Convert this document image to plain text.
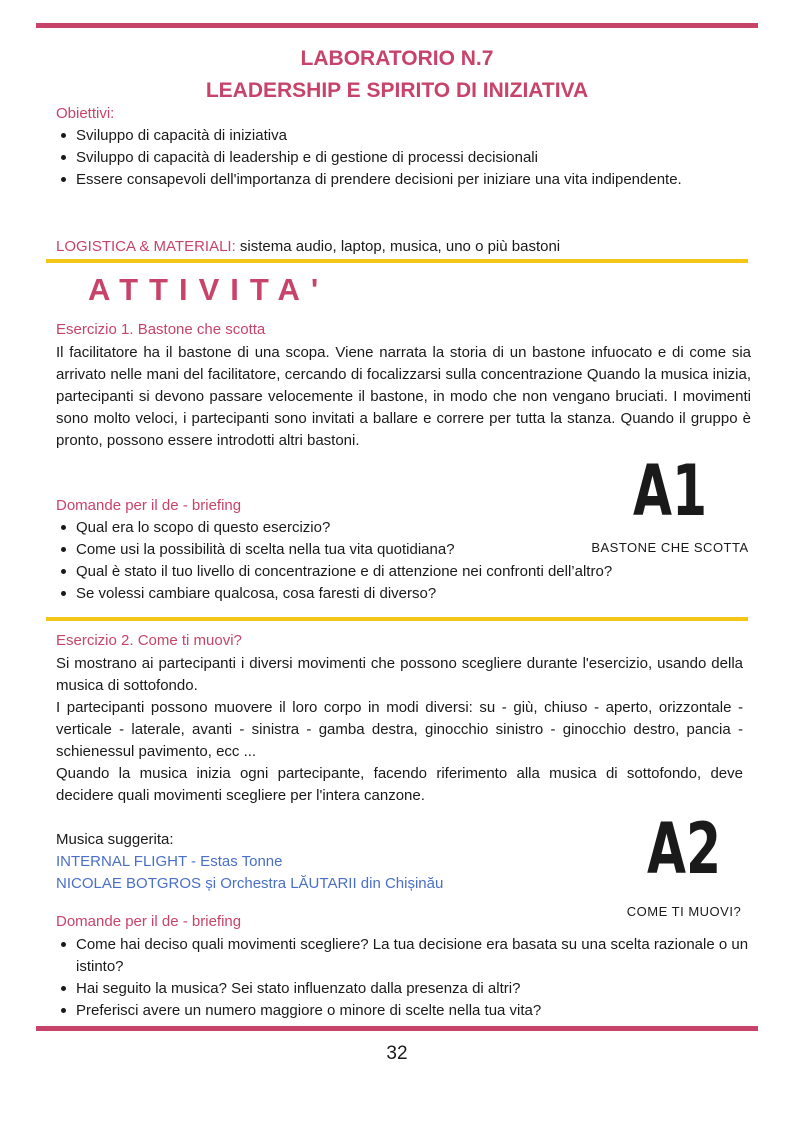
LABORATORIO N.7
LEADERSHIP E SPIRITO DI INIZIATIVA
Obiettivi:
Sviluppo di capacità di iniziativa
Sviluppo di capacità di leadership e di gestione di processi decisionali
Essere consapevoli dell'importanza di prendere decisioni per iniziare una vita indipendente.
LOGISTICA & MATERIALI: sistema audio, laptop, musica, uno o più bastoni
ATTIVITA'
Esercizio 1. Bastone che scotta
Il facilitatore ha il bastone di una scopa. Viene narrata la storia di un bastone infuocato e di come sia arrivato nelle mani del facilitatore, cercando di focalizzarsi sulla concentrazione Quando la musica inizia, partecipanti si devono passare velocemente il bastone, in modo che non vengano bruciati. I movimenti sono molto veloci, i partecipanti sono invitati a ballare e correre per tutta la stanza. Quando il gruppo è pronto, possono essere introdotti altri bastoni.
A1
BASTONE CHE SCOTTA
Domande per il de - briefing
Qual era lo scopo di questo esercizio?
Come usi la possibilità di scelta nella tua vita quotidiana?
Qual è stato il tuo livello di concentrazione e di attenzione nei confronti dell’altro?
Se volessi cambiare qualcosa, cosa faresti di diverso?
Esercizio 2. Come ti muovi?
Si mostrano ai partecipanti i diversi movimenti che possono scegliere durante l'esercizio, usando della musica di sottofondo.
I partecipanti possono muovere il loro corpo in modi diversi: su - giù, chiuso - aperto, orizzontale - verticale - laterale, avanti - sinistra - gamba destra, ginocchio sinistro - ginocchio destro, pancia - schienessul pavimento, ecc ...
Quando la musica inizia ogni partecipante, facendo riferimento alla musica di sottofondo, deve decidere quali movimenti scegliere per l'intera canzone.
Musica suggerita:
INTERNAL FLIGHT - Estas Tonne
NICOLAE BOTGROS și Orchestra LĂUTARII din Chișinău	A2
COME TI MUOVI?
Domande per il de - briefing
Come hai deciso quali movimenti scegliere? La tua decisione era basata su una scelta razionale o un istinto?
Hai seguito la musica? Sei stato influenzato dalla presenza di altri?
Preferisci avere un numero maggiore o minore di scelte nella tua vita?
32
